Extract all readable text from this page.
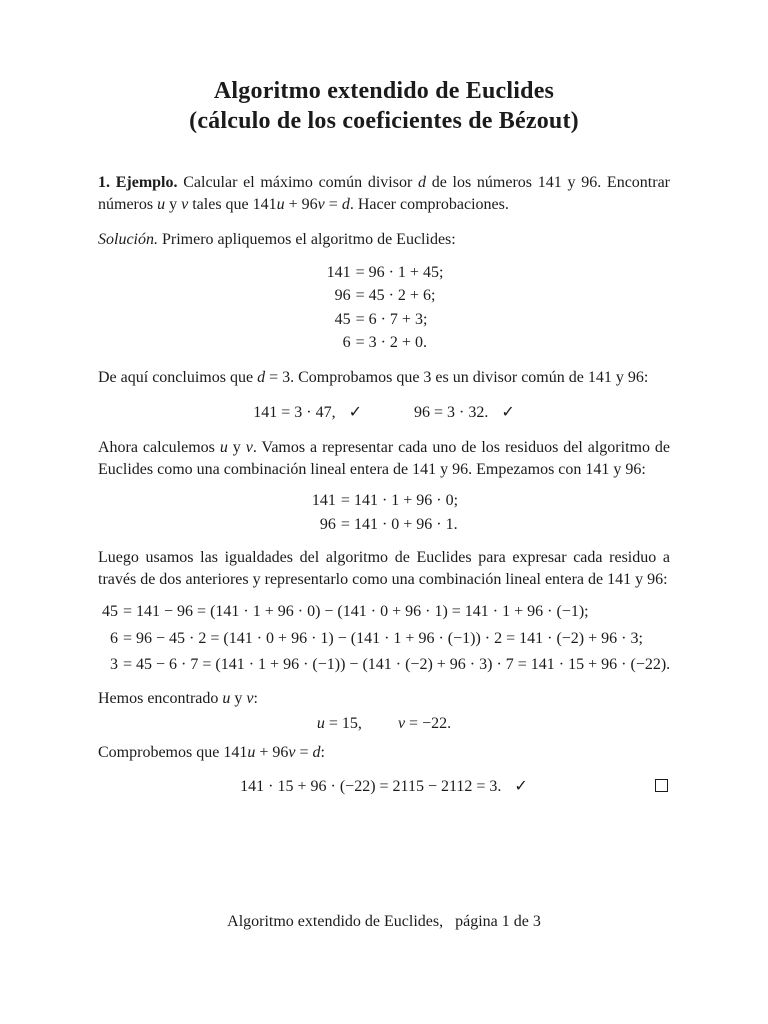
Algoritmo extendido de Euclides
(cálculo de los coeficientes de Bézout)

1. Ejemplo. Calcular el máximo común divisor d de los números 141 y 96. Encontrar números u y v tales que 141u + 96v = d. Hacer comprobaciones.

Solución. Primero apliquemos el algoritmo de Euclides:

141 = 96 · 1 + 45;
96 = 45 · 2 + 6;
45 = 6 · 7 + 3;
6 = 3 · 2 + 0.

De aquí concluimos que d = 3. Comprobamos que 3 es un divisor común de 141 y 96:

141 = 3 · 47, ✓	96 = 3 · 32. ✓

Ahora calculemos u y v. Vamos a representar cada uno de los residuos del algoritmo de Euclides como una combinación lineal entera de 141 y 96. Empezamos con 141 y 96:

141 = 141 · 1 + 96 · 0;
96 = 141 · 0 + 96 · 1.

Luego usamos las igualdades del algoritmo de Euclides para expresar cada residuo a través de dos anteriores y representarlo como una combinación lineal entera de 141 y 96:

45 = 141 − 96 = (141 · 1 + 96 · 0) − (141 · 0 + 96 · 1) = 141 · 1 + 96 · (−1);
6 = 96 − 45 · 2 = (141 · 0 + 96 · 1) − (141 · 1 + 96 · (−1)) · 2 = 141 · (−2) + 96 · 3;
3 = 45 − 6 · 7 = (141 · 1 + 96 · (−1)) − (141 · (−2) + 96 · 3) · 7 = 141 · 15 + 96 · (−22).

Hemos encontrado u y v:

u = 15, v = −22.

Comprobemos que 141u + 96v = d:

141 · 15 + 96 · (−22) = 2115 − 2112 = 3. ✓
Algoritmo extendido de Euclides, página 1 de 3
